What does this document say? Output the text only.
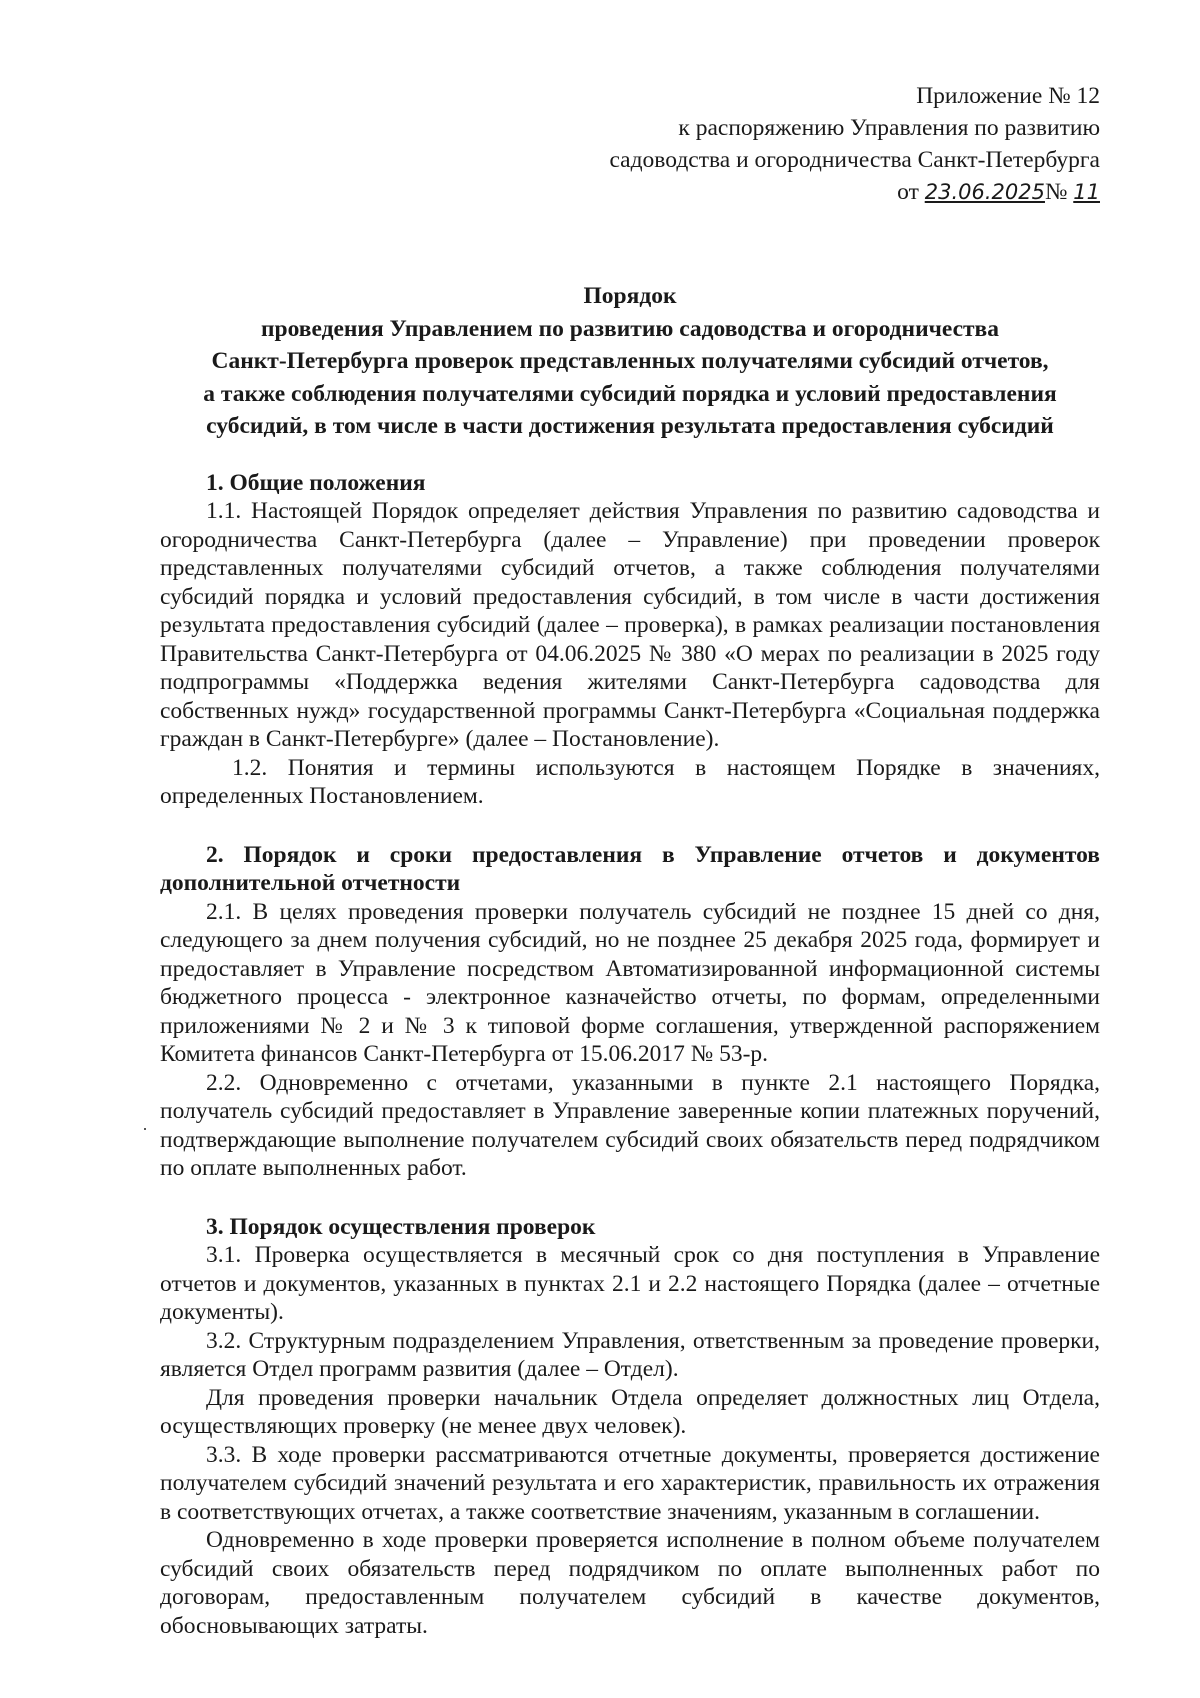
Приложение № 12
к распоряжению Управления по развитию
садоводства и огородничества Санкт-Петербурга
от 23.06.2025№ 11
Порядок
проведения Управлением по развитию садоводства и огородничества
Санкт-Петербурга проверок представленных получателями субсидий отчетов,
а также соблюдения получателями субсидий порядка и условий предоставления
субсидий, в том числе в части достижения результата предоставления субсидий
1. Общие положения

1.1. Настоящей Порядок определяет действия Управления по развитию садоводства и огородничества Санкт-Петербурга (далее – Управление) при проведении проверок представленных получателями субсидий отчетов, а также соблюдения получателями субсидий порядка и условий предоставления субсидий, в том числе в части достижения результата предоставления субсидий (далее – проверка), в рамках реализации постановления Правительства Санкт-Петербурга от 04.06.2025 № 380 «О мерах по реализации в 2025 году подпрограммы «Поддержка ведения жителями Санкт-Петербурга садоводства для собственных нужд» государственной программы Санкт-Петербурга «Социальная поддержка граждан в Санкт-Петербурге» (далее – Постановление).

1.2. Понятия и термины используются в настоящем Порядке в значениях, определенных Постановлением.

2. Порядок и сроки предоставления в Управление отчетов и документов дополнительной отчетности

2.1. В целях проведения проверки получатель субсидий не позднее 15 дней со дня, следующего за днем получения субсидий, но не позднее 25 декабря 2025 года, формирует и предоставляет в Управление посредством Автоматизированной информационной системы бюджетного процесса - электронное казначейство отчеты, по формам, определенными приложениями № 2 и № 3 к типовой форме соглашения, утвержденной распоряжением Комитета финансов Санкт-Петербурга от 15.06.2017 № 53-р.

2.2. Одновременно с отчетами, указанными в пункте 2.1 настоящего Порядка, получатель субсидий предоставляет в Управление заверенные копии платежных поручений, подтверждающие выполнение получателем субсидий своих обязательств перед подрядчиком по оплате выполненных работ.

3. Порядок осуществления проверок

3.1. Проверка осуществляется в месячный срок со дня поступления в Управление отчетов и документов, указанных в пунктах 2.1 и 2.2 настоящего Порядка (далее – отчетные документы).

3.2. Структурным подразделением Управления, ответственным за проведение проверки, является Отдел программ развития (далее – Отдел).

Для проведения проверки начальник Отдела определяет должностных лиц Отдела, осуществляющих проверку (не менее двух человек).

3.3. В ходе проверки рассматриваются отчетные документы, проверяется достижение получателем субсидий значений результата и его характеристик, правильность их отражения в соответствующих отчетах, а также соответствие значениям, указанным в соглашении.

Одновременно в ходе проверки проверяется исполнение в полном объеме получателем субсидий своих обязательств перед подрядчиком по оплате выполненных работ по договорам, предоставленным получателем субсидий в качестве документов, обосновывающих затраты.
